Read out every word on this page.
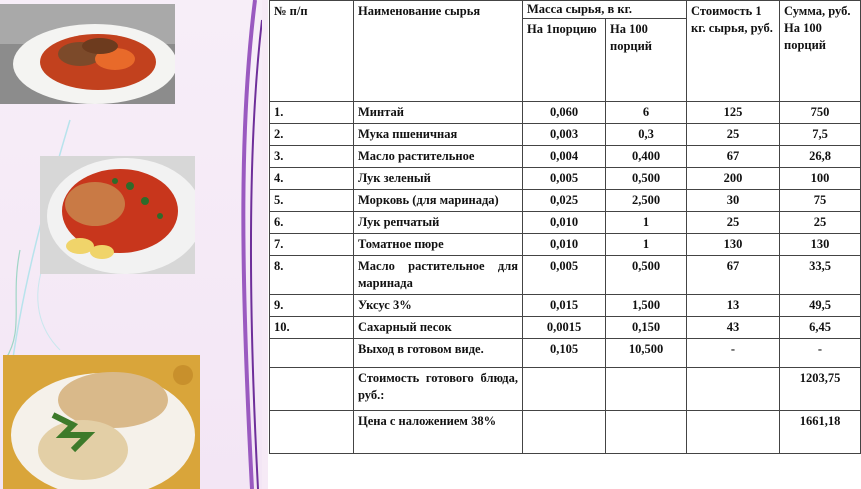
№ п/п	Наименование сырья	Масса сырья, в кг.		Стоимость 1 кг. сырья, руб.	Сумма, руб. На 100 порций
		На 1порцию	На 100 порций		
1.	Минтай	0,060	6	125	750
2.	Мука пшеничная	0,003	0,3	25	7,5
3.	Масло растительное	0,004	0,400	67	26,8
4.	Лук зеленый	0,005	0,500	200	100
5.	Морковь (для маринада)	0,025	2,500	30	75
6.	Лук репчатый	0,010	1	25	25
7.	Томатное пюре	0,010	1	130	130
8.	Масло растительное для маринада	0,005	0,500	67	33,5
9.	Уксус 3%	0,015	1,500	13	49,5
10.	Сахарный песок	0,0015	0,150	43	6,45
	Выход в готовом виде.	0,105	10,500	-	-
	Стоимость готового блюда, руб.:				1203,75
	Цена с наложением 38%				1661,18
